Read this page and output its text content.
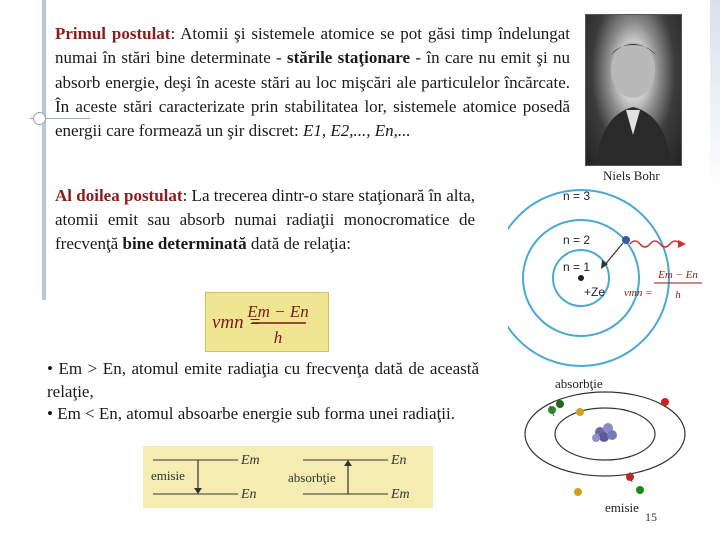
Primul postulat: Atomii şi sistemele atomice se pot găsi timp îndelungat numai în stări bine determinate - stările staţionare - în care nu emit şi nu absorb energie, deşi în aceste stări au loc mişcări ale particulelor încărcate. În aceste stări caracterizate prin stabilitatea lor, sistemele atomice posedă energii care formează un şir discret: E1, E2,..., En,...
Niels Bohr
Al doilea postulat: La trecerea dintr-o stare staţionară în alta, atomii emit sau absorb numai radiaţii monocromatice de frecvenţă bine determinată dată de relaţia:
νmn =
Em − En
h
• Em > En, atomul emite radiaţia cu frecvenţa dată de aceastǎ relaţie,
• Em < En, atomul absoarbe energie sub forma unei radiaţii.
emisie
Em
En
absorbţie
En
Em
n = 3
n = 2
n = 1
+Ze νmn =
Em − En
h
absorbţie
emisie
15
